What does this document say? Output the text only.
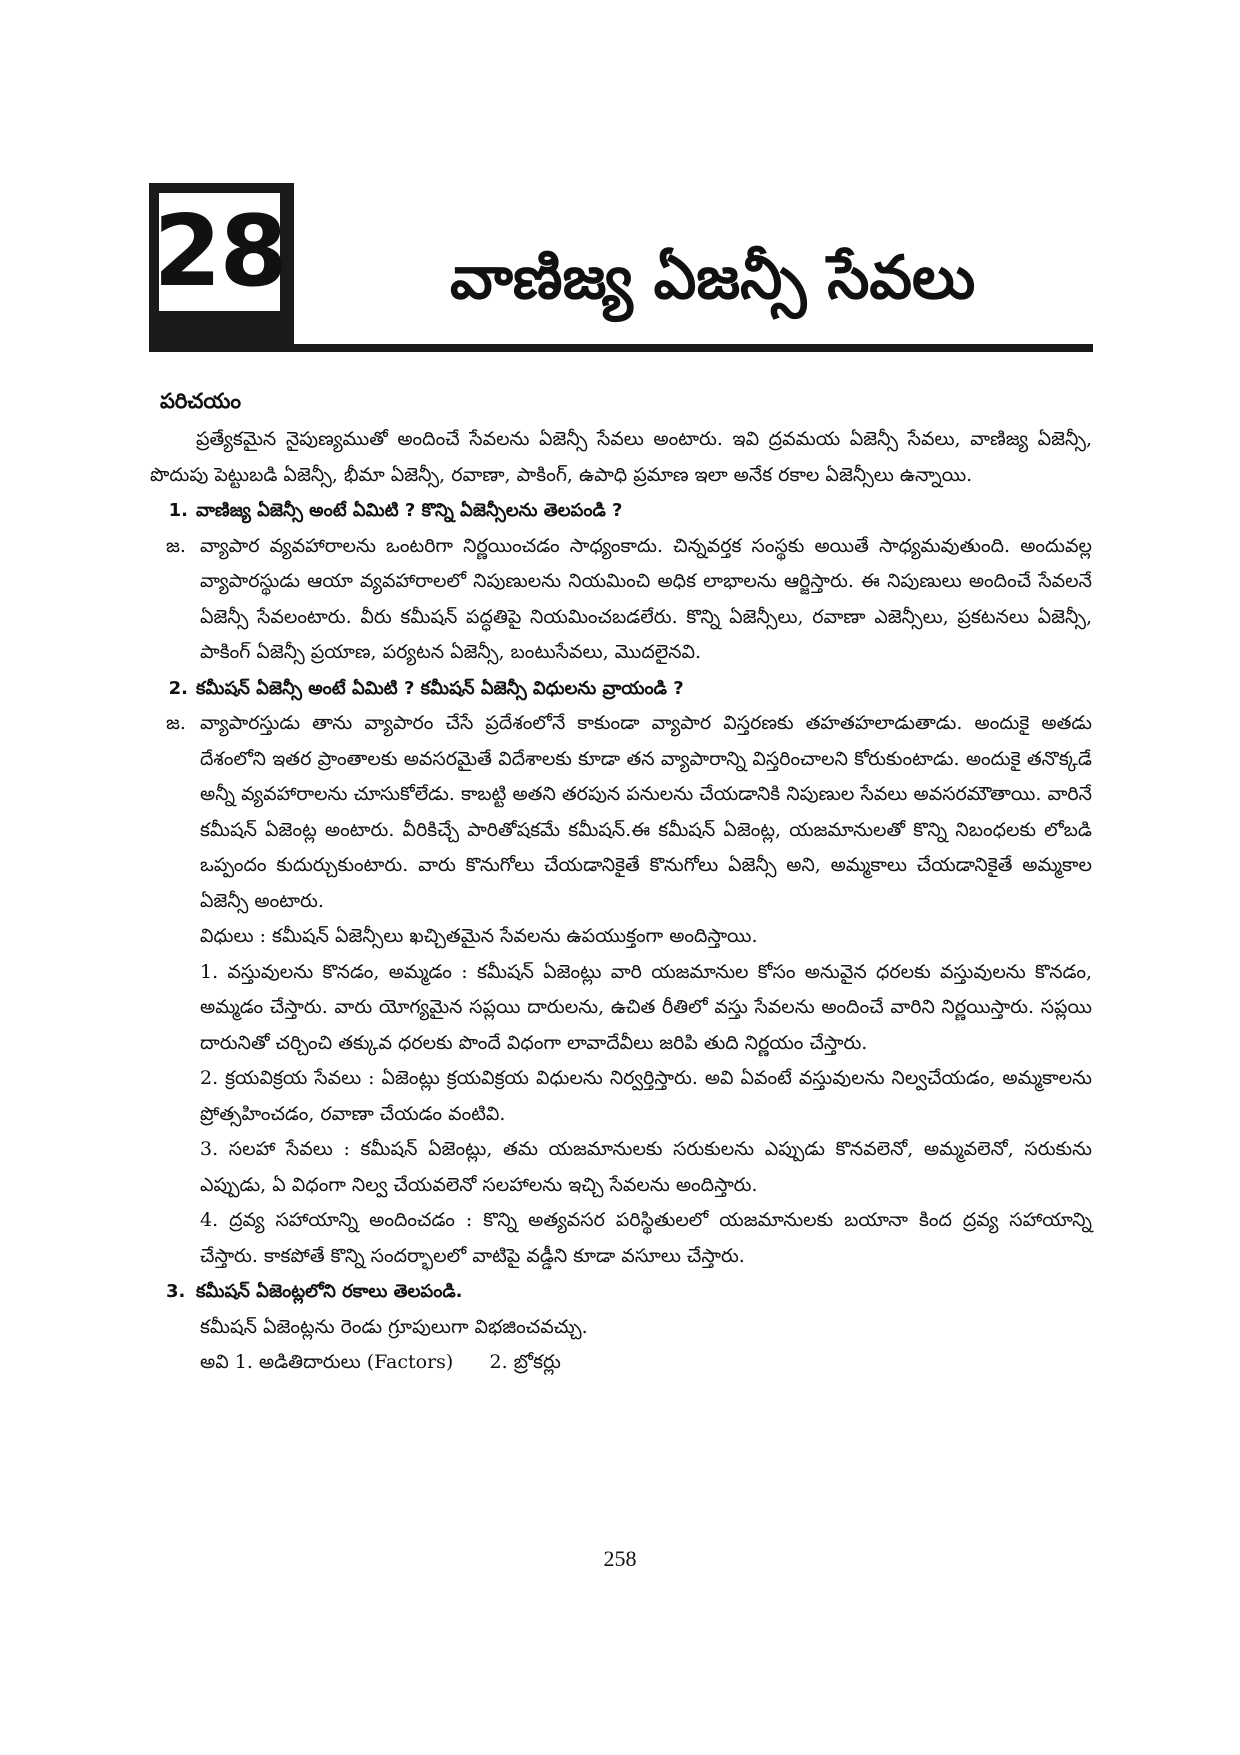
28	వాణిజ్య ఏజన్సీ సేవలు
పరిచయం

ప్రత్యేకమైన నైపుణ్యముతో అందించే సేవలను ఏజెన్సీ సేవలు అంటారు. ఇవి ద్రవమయ ఏజెన్సీ సేవలు, వాణిజ్య ఏజెన్సీ, పొదుపు పెట్టుబడి ఏజెన్సీ, భీమా ఏజెన్సీ, రవాణా, పాకింగ్, ఉపాధి ప్రమాణ ఇలా అనేక రకాల ఏజెన్సీలు ఉన్నాయి.

1. వాణిజ్య ఏజెన్సీ అంటే ఏమిటి ? కొన్ని ఏజెన్సీలను తెలపండి ?
జ. వ్యాపార వ్యవహారాలను ఒంటరిగా నిర్ణయించడం సాధ్యంకాదు. చిన్నవర్తక సంస్థకు అయితే సాధ్యమవుతుంది. అందువల్ల వ్యాపారస్థుడు ఆయా వ్యవహారాలలో నిపుణులను నియమించి అధిక లాభాలను ఆర్జిస్తారు. ఈ నిపుణులు అందించే సేవలనే ఏజెన్సీ సేవలంటారు. వీరు కమీషన్ పద్ధతిపై నియమించబడలేరు. కొన్ని ఏజెన్సీలు, రవాణా ఎజెన్సీలు, ప్రకటనలు ఏజెన్సీ, పాకింగ్ ఏజెన్సీ ప్రయాణ, పర్యటన ఏజెన్సీ, బంటుసేవలు, మొదలైనవి.
2. కమీషన్ ఏజెన్సీ అంటే ఏమిటి ? కమీషన్ ఏజెన్సీ విధులను వ్రాయండి ?
జ. వ్యాపారస్తుడు తాను వ్యాపారం చేసే ప్రదేశంలోనే కాకుండా వ్యాపార విస్తరణకు తహతహలాడుతాడు. అందుకై అతడు దేశంలోని ఇతర ప్రాంతాలకు అవసరమైతే విదేశాలకు కూడా తన వ్యాపారాన్ని విస్తరించాలని కోరుకుంటాడు. అందుకై తనొక్కడే అన్నీ వ్యవహారాలను చూసుకోలేడు. కాబట్టి అతని తరపున పనులను చేయడానికి నిపుణుల సేవలు అవసరమౌతాయి. వారినే కమీషన్ ఏజెంట్ల అంటారు. వీరికిచ్చే పారితోషకమే కమీషన్.ఈ కమీషన్ ఏజెంట్ల, యజమానులతో కొన్ని నిబంధలకు లోబడి ఒప్పందం కుదుర్చుకుంటారు. వారు కొనుగోలు చేయడానికైతే కొనుగోలు ఏజెన్సీ అని, అమ్మకాలు చేయడానికైతే అమ్మకాల ఏజెన్సీ అంటారు.

విధులు : కమీషన్ ఏజెన్సీలు ఖచ్చితమైన సేవలను ఉపయుక్తంగా అందిస్తాయి.

1. వస్తువులను కొనడం, అమ్మడం : కమీషన్ ఏజెంట్లు వారి యజమానుల కోసం అనువైన ధరలకు వస్తువులను కొనడం, అమ్మడం చేస్తారు. వారు యోగ్యమైన సప్లయి దారులను, ఉచిత రీతిలో వస్తు సేవలను అందించే వారిని నిర్ణయిస్తారు. సప్లయి దారునితో చర్చించి తక్కువ ధరలకు పొందే విధంగా లావాదేవీలు జరిపి తుది నిర్ణయం చేస్తారు.

2. క్రయవిక్రయ సేవలు : ఏజెంట్లు క్రయవిక్రయ విధులను నిర్వర్తిస్తారు. అవి ఏవంటే వస్తువులను నిల్వచేయడం, అమ్మకాలను ప్రోత్సహించడం, రవాణా చేయడం వంటివి.

3. సలహా సేవలు : కమీషన్ ఏజెంట్లు, తమ యజమానులకు సరుకులను ఎప్పుడు కొనవలెనో, అమ్మవలెనో, సరుకును ఎప్పుడు, ఏ విధంగా నిల్వ చేయవలెనో సలహాలను ఇచ్చి సేవలను అందిస్తారు.

4. ద్రవ్య సహాయాన్ని అందించడం : కొన్ని అత్యవసర పరిస్థితులలో యజమానులకు బయానా కింద ద్రవ్య సహాయాన్ని చేస్తారు. కాకపోతే కొన్ని సందర్భాలలో వాటిపై వడ్డీని కూడా వసూలు చేస్తారు.

3. కమీషన్ ఏజెంట్లలోని రకాలు తెలపండి.

కమీషన్ ఏజెంట్లను రెండు గ్రూపులుగా విభజించవచ్చు.

అవి 1. అడితిదారులు (Factors)      2. బ్రోకర్లు

258
